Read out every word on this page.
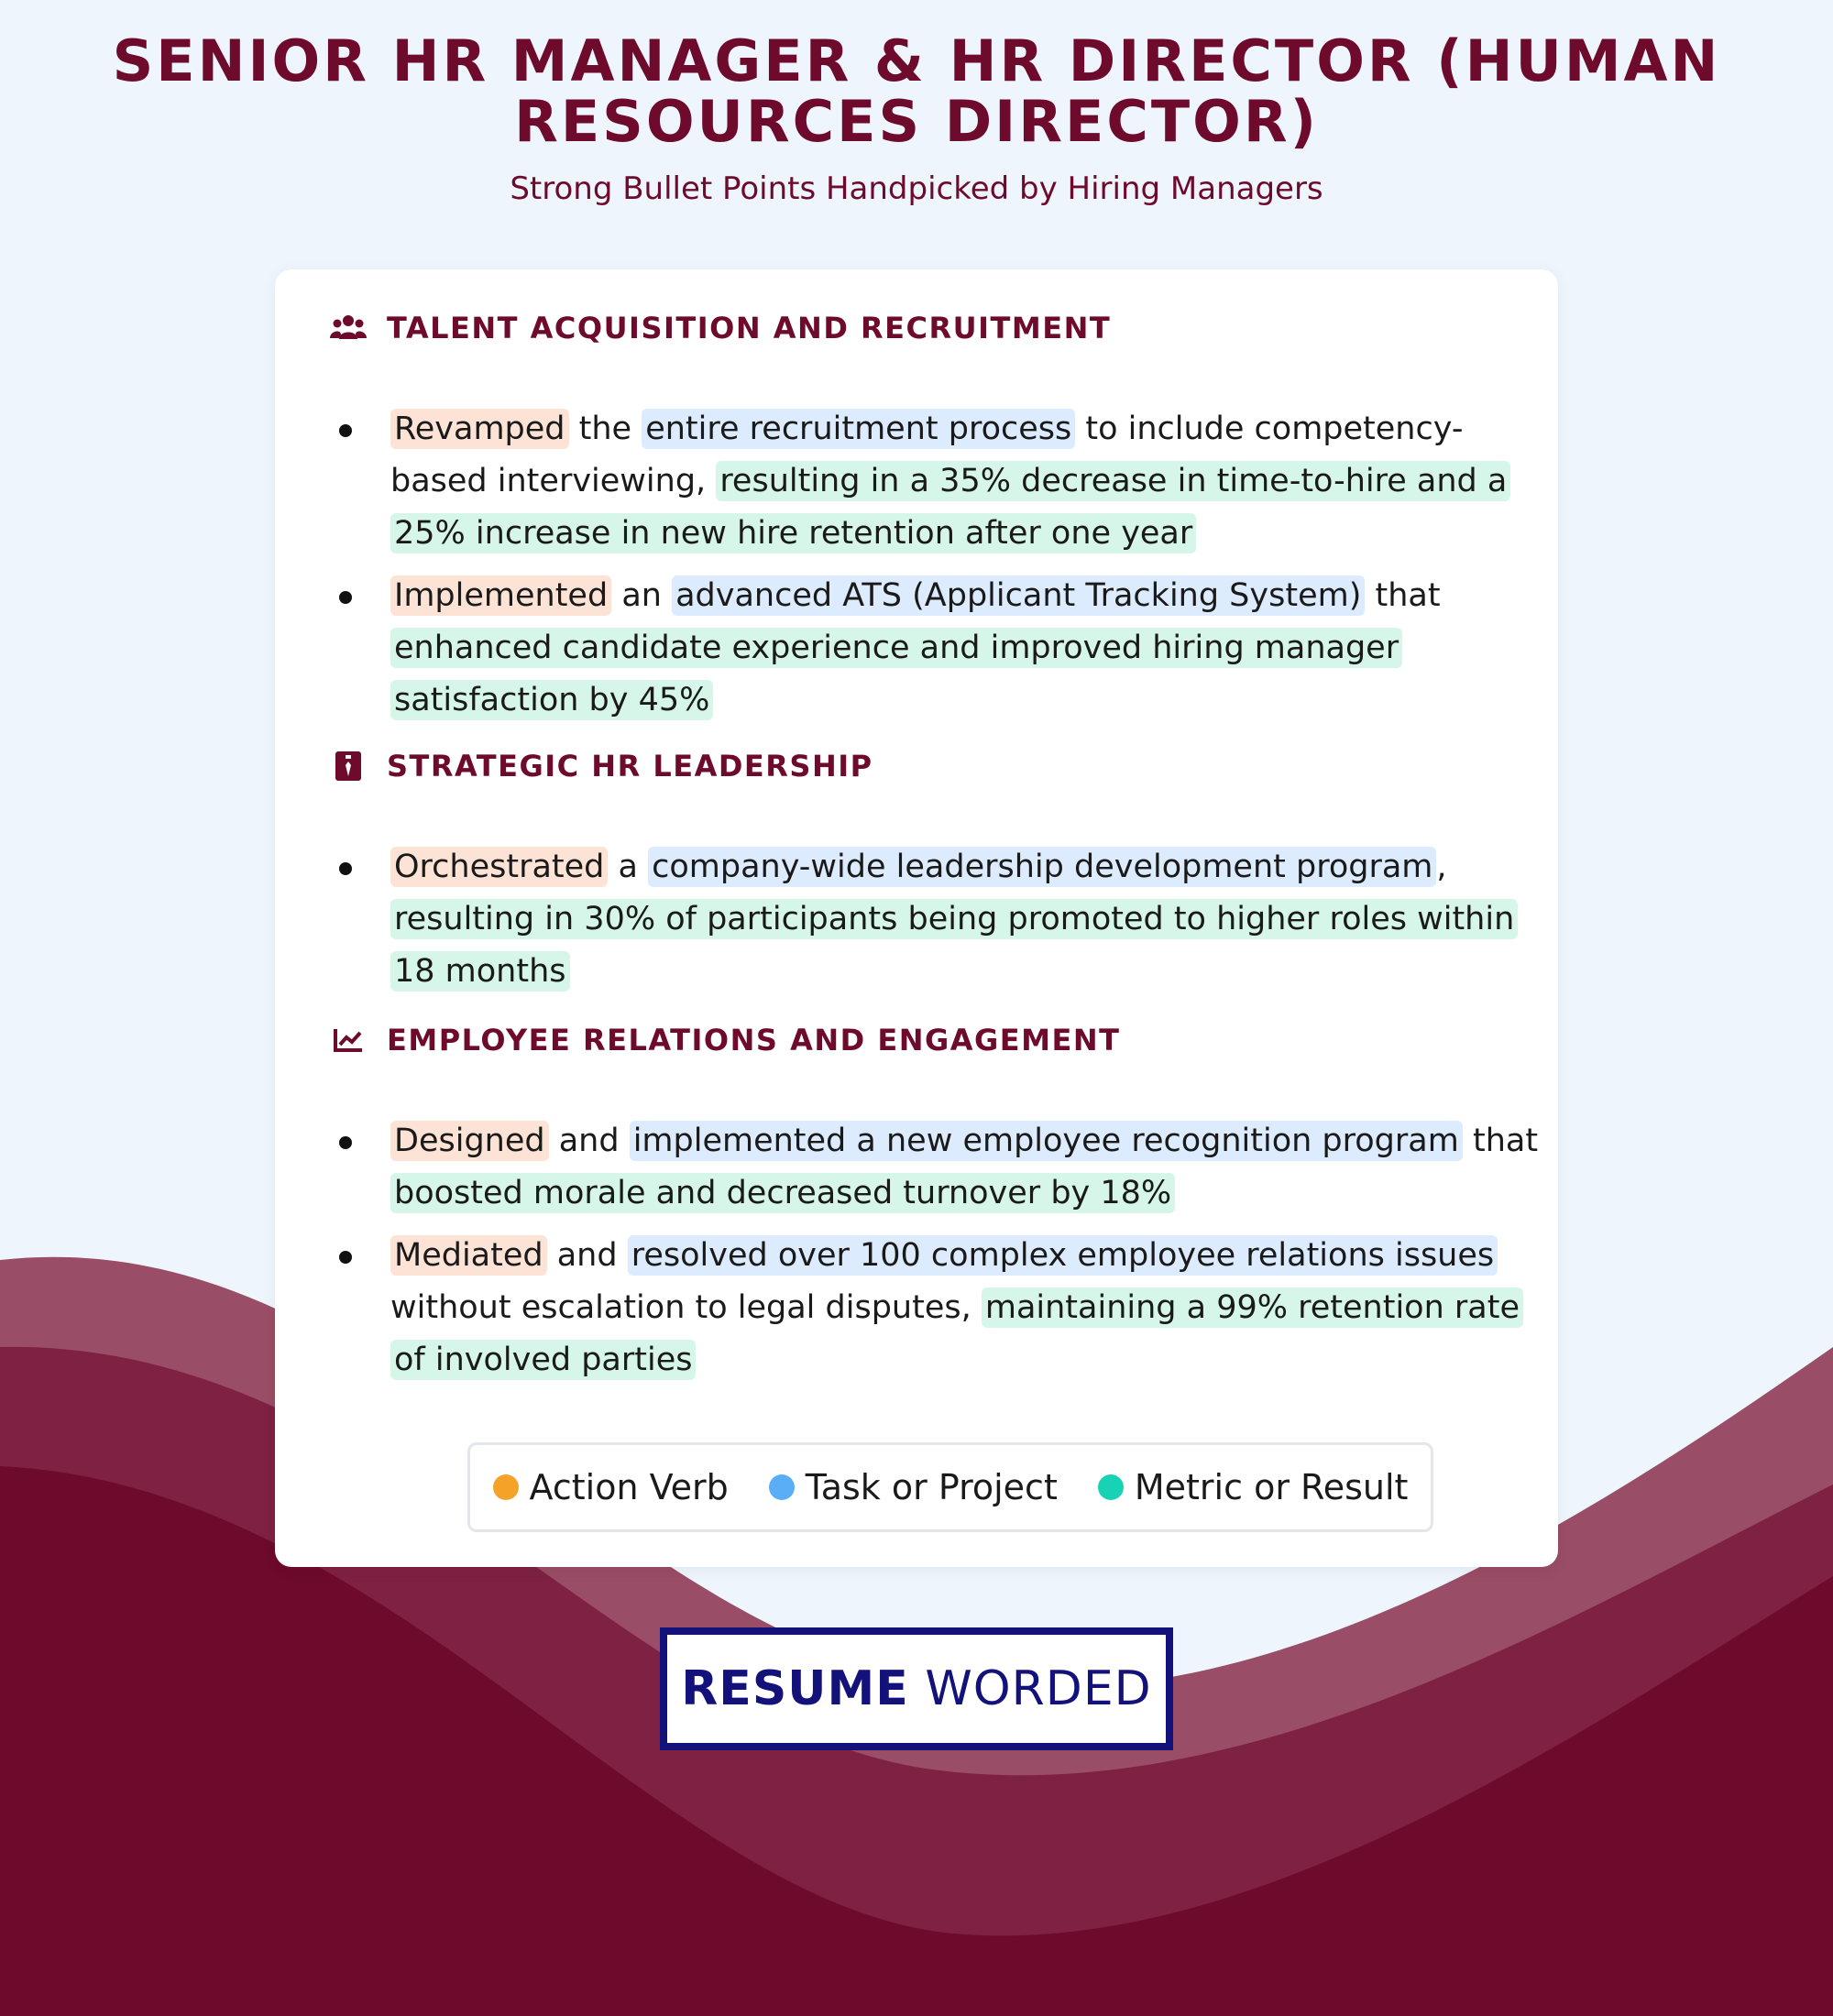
SENIOR HR MANAGER & HR DIRECTOR (HUMAN RESOURCES DIRECTOR)
Strong Bullet Points Handpicked by Hiring Managers
TALENT ACQUISITION AND RECRUITMENT
Revamped the entire recruitment process to include competency-based interviewing, resulting in a 35% decrease in time-to-hire and a 25% increase in new hire retention after one year
Implemented an advanced ATS (Applicant Tracking System) that enhanced candidate experience and improved hiring manager satisfaction by 45%
STRATEGIC HR LEADERSHIP
Orchestrated a company-wide leadership development program , resulting in 30% of participants being promoted to higher roles within 18 months
EMPLOYEE RELATIONS AND ENGAGEMENT
Designed and implemented a new employee recognition program that boosted morale and decreased turnover by 18%
Mediated and resolved over 100 complex employee relations issues without escalation to legal disputes, maintaining a 99% retention rate of involved parties
Action Verb Task or Project Metric or Result
RESUME WORDED
